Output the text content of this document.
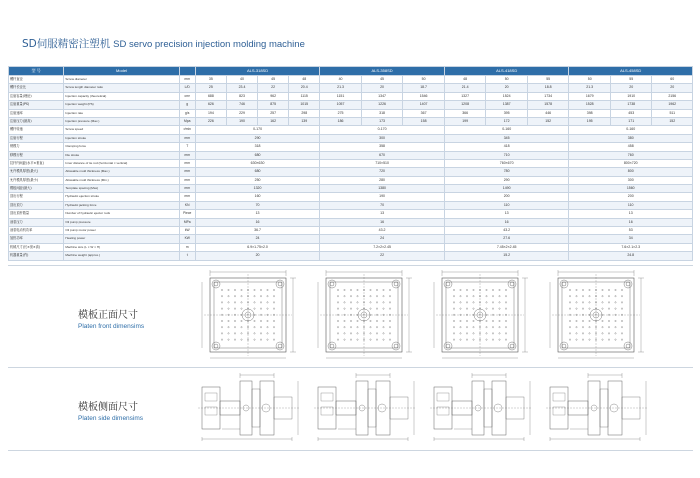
SD伺服精密注塑机 SD servo precision injection molding machine
型 号	Model		ALS-318SD				ALS-358SD			ALS-418SD			ALS-458SD		
螺杆直径	Screw diameter	mm	35	40	45	48	40	45	50	48	50	55	50	55	60
螺杆长径比	Screw length diameter ratio	L/D	25	23.4	22	20.4	21.3	20	18.7	21.4	20	18.8	21.3	20	20
注射容量(理论)	Injection capacity (theoretical)	cm³	688	823	962	1115	1151	1347	1546	1327	1524	1734	1679	1910	2156
注射重量(PS)	Injection weight (PS)	g	626	746	875	1015	1057	1226	1407	1208	1387	1578	1528	1738	1962
注射速率	Injection rate	g/s	194	229	257	298	275	318	367	366	395	446	398	453	511
注射压力(最高)	Injection pressure (Max.)	Mpa	226	190	162	139	186	173	158	199	172	152	195	171	152
螺杆转速	Screw speed	r/min	0-170				0-170			0-160			0-160		
注射行程	Injection stroke	mm	290				300			345			380		
锁模力	Clamping force	T	318				358			418			458		
移模行程	Die stroke	mm	680				670			710			760		
拉杆内间距(水平×垂直)	Inner distance of tie rod (horizontal × vertical)	mm	630×630				710×510			760×670			800×720		
允许模具厚度(最大)	Allowable mold thickness (Max.)	mm	680				720			780			800		
允许模具厚度(最小)	Allowable mold thickness (Min.)	mm	250				280			290			300		
模板间距(最大)	Template spacing (Max)	mm	1320				1380			1490			1560		
顶出行程	Hydraulic ejection stroke	mm	160				190			200			200		
顶出顶力	Hydraulic jacking force	KN	70				70			110			110		
顶出顶杆数量	Number of hydraulic ejector rods	Piece	13				13			13			13		
油泵压力	Oil pump pressure	MPa	16				16			16			16		
油泵电动机功率	Oil pump motor power	kW	36.7				43.2			43.2			53		
加热功率	Heating power	KW	24				24			27.6			34		
机械尺寸(长×宽×高)	Machine size (L × W × H)	m	6.9×1.75×2.0				7.2×2×2.45			7.45×2×2.45			7.6×2.1×2.3		
机器重量(约)	Machine weight (approx.)	t	20				22			15.2			24.8		
模板正面尺寸
Platen front dimensims
模板侧面尺寸
Platen side dimensims
